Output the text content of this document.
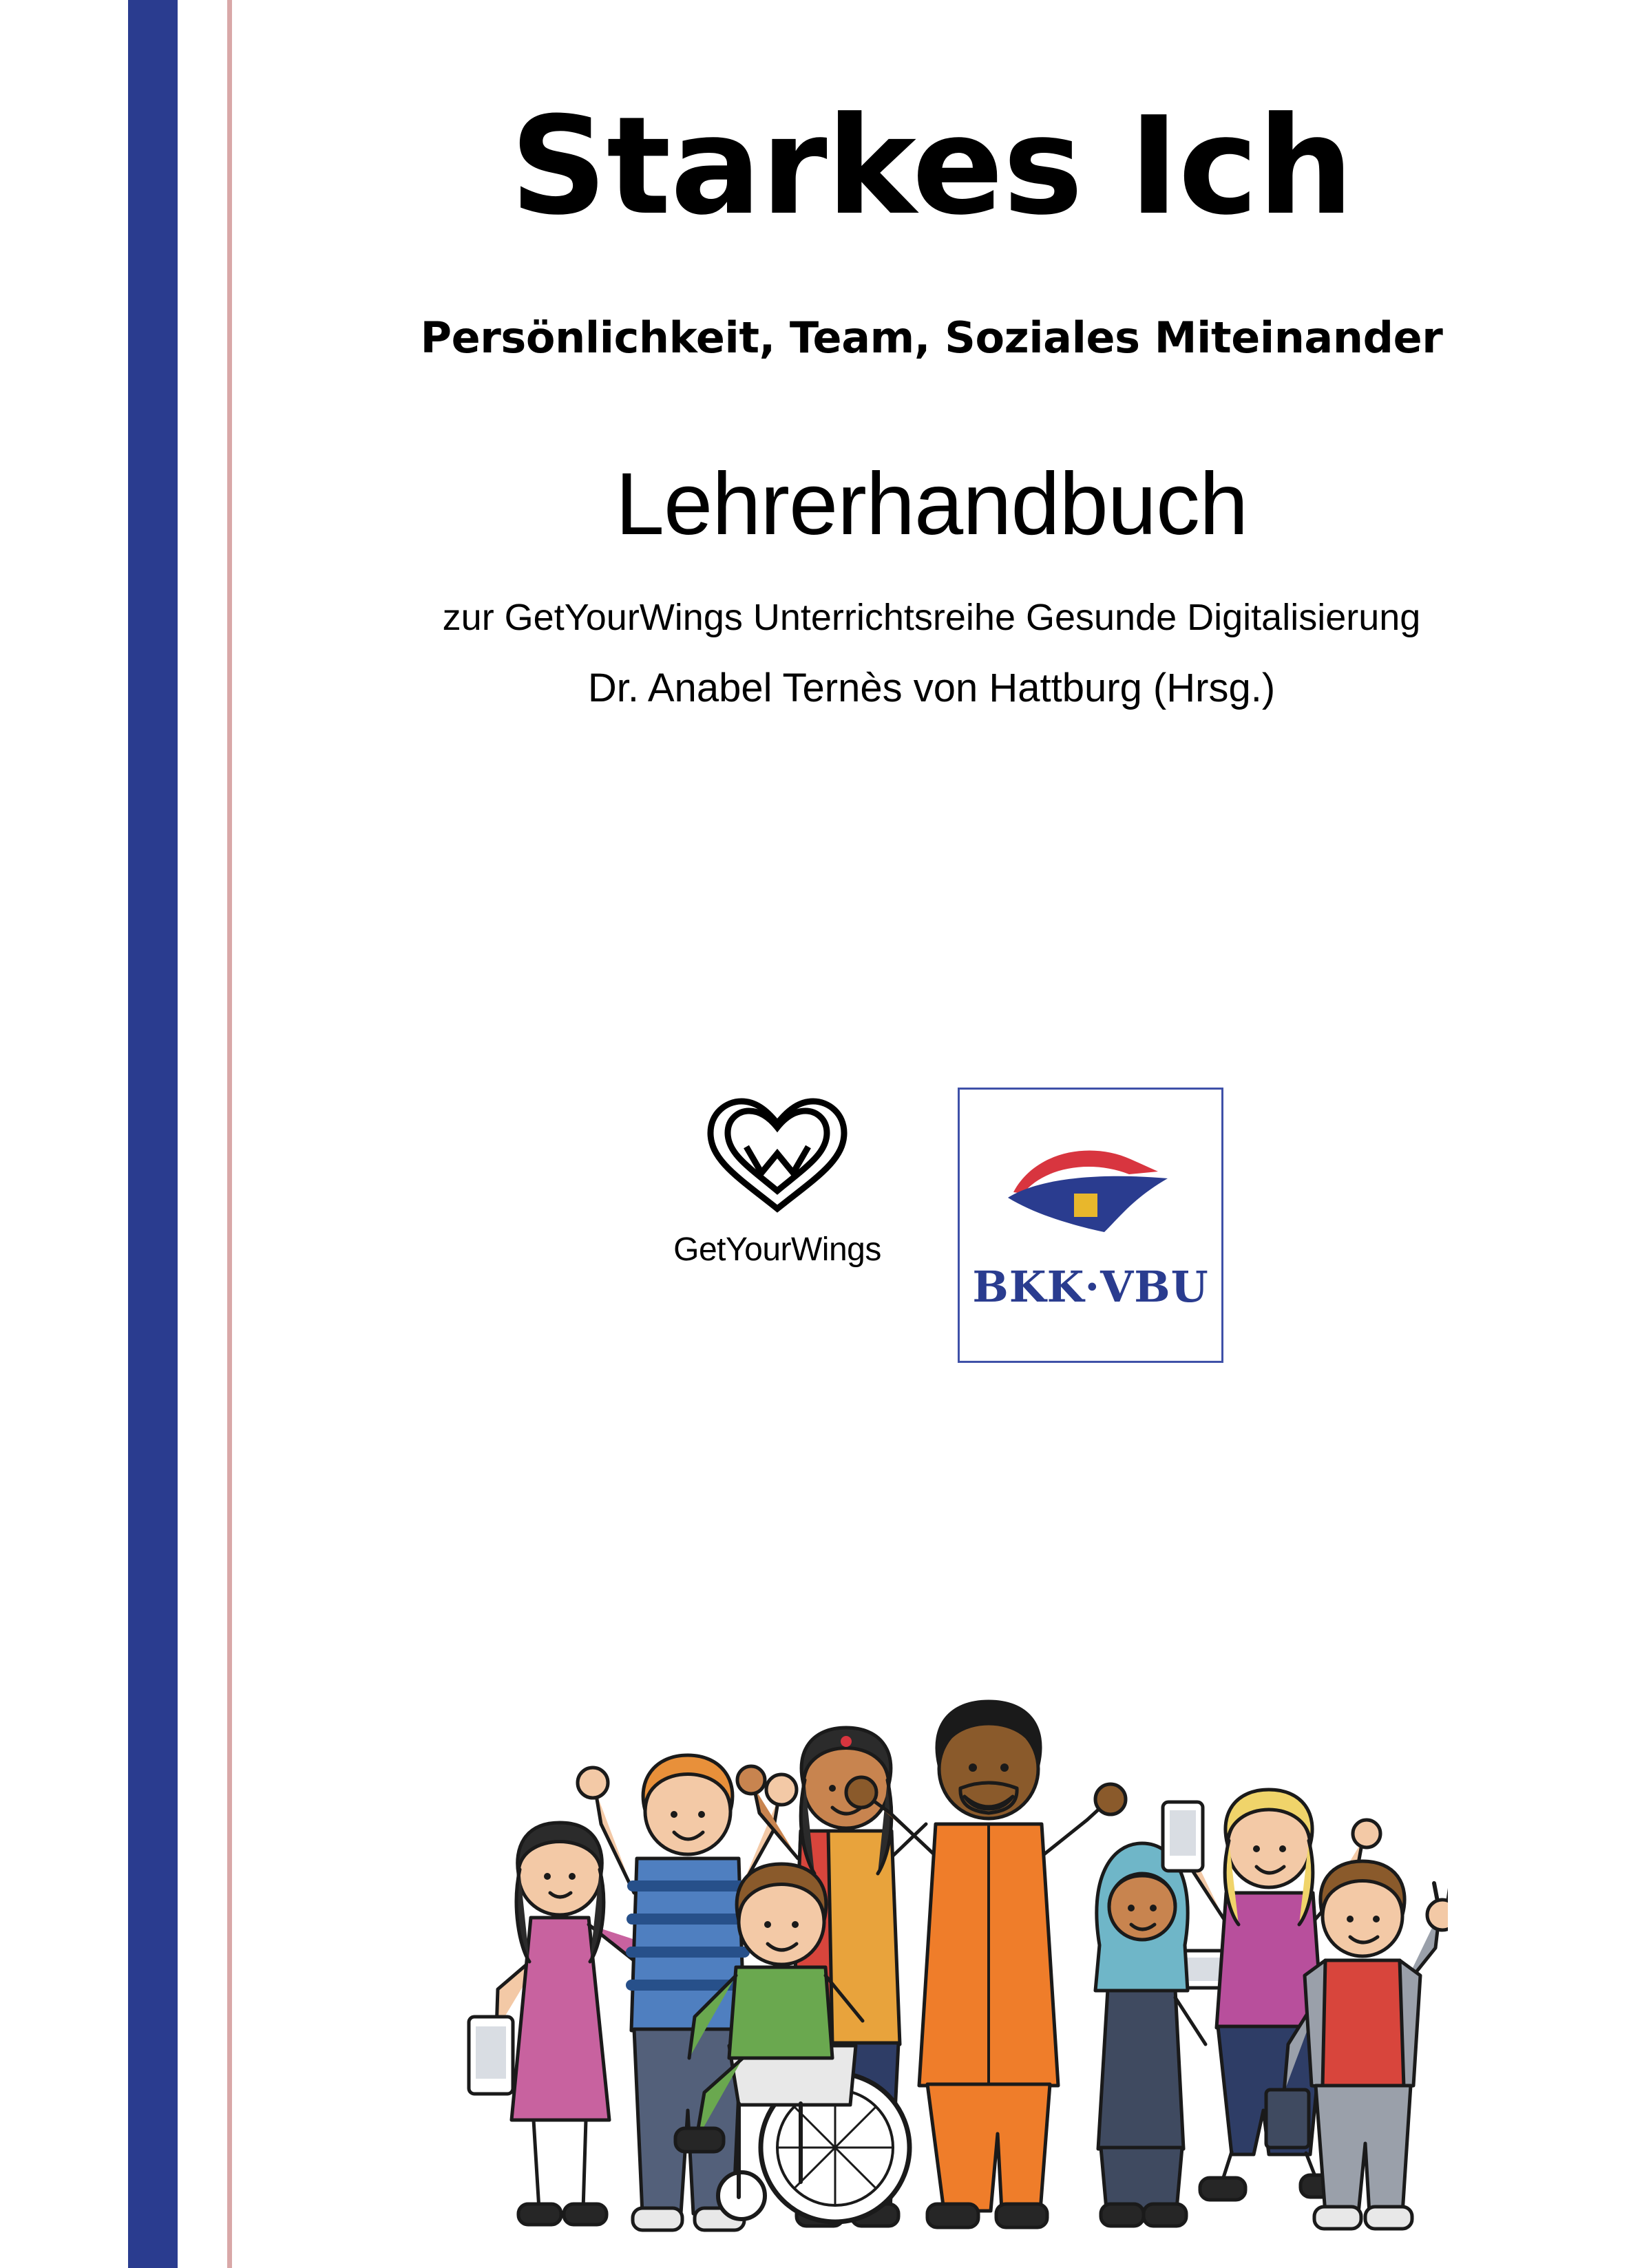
Starkes Ich

Persönlichkeit, Team, Soziales Miteinander

Lehrerhandbuch

zur GetYourWings Unterrichtsreihe Gesunde Digitalisierung

Dr. Anabel Ternès von Hattburg (Hrsg.)

GetYourWings
BKK·VBU
